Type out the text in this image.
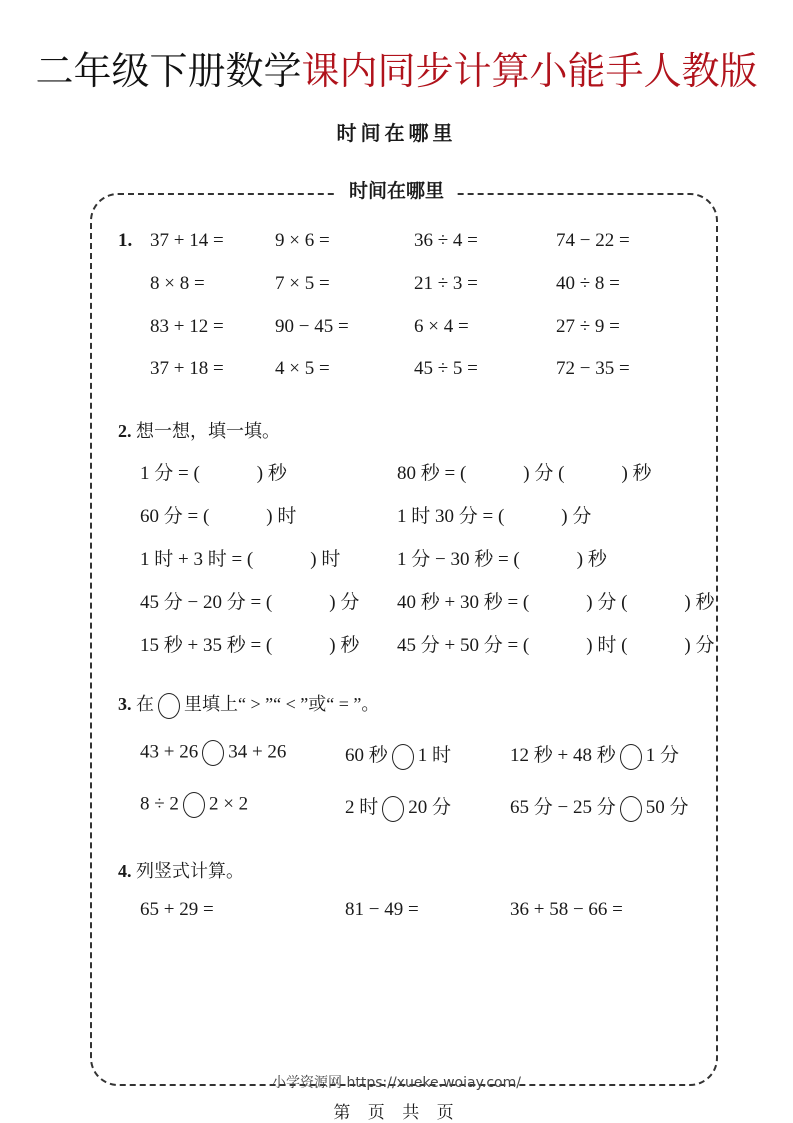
二年级下册数学课内同步计算小能手人教版
时间在哪里
时间在哪里
1. 37 + 14 =	9 × 6 =	36 ÷ 4 =	74 − 22 =
8 × 8 =	7 × 5 =	21 ÷ 3 =	40 ÷ 8 =
83 + 12 =	90 − 45 =	6 × 4 =	27 ÷ 9 =
37 + 18 =	4 × 5 =	45 ÷ 5 =	72 − 35 =
2. 想一想，填一填。
1 分 = (　　　) 秒	80 秒 = (　　　) 分 (　　　) 秒
60 分 = (　　　) 时	1 时 30 分 = (　　　) 分
1 时 + 3 时 = (　　　) 时	1 分 − 30 秒 = (　　　) 秒
45 分 − 20 分 = (　　　) 分 40 秒 + 30 秒 = (　　　) 分 (　　　) 秒
15 秒 + 35 秒 = (　　　) 秒 45 分 + 50 分 = (　　　) 时 (　　　) 分
3. 在 里填上“ > ”“ < ”或“ = ”。
43 + 26 34 + 26	60 秒 1 时	12 秒 + 48 秒 1 分
8 ÷ 2 2 × 2	2 时 20 分	65 分 − 25 分 50 分
4. 列竖式计算。
65 + 29 =	81 − 49 =	36 + 58 − 66 =
小学资源网 https://xueke.woiay.com/
第 页 共 页
